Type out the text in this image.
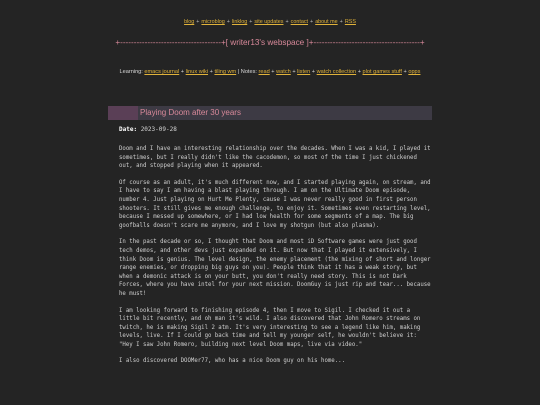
blog + microblog + linklog + site updates + contact + about me + RSS
+-------------------------------------+[ writer13's webspace ]+---------------------------------------+
Learning: emacs journal + linux wiki + tiling wm | Notes: read + watch + listen + watch collection + plot games stuff + opps
Playing Doom after 30 years
Date: 2023-09-28

Doom and I have an interesting relationship over the decades. When I was a kid, I played it sometimes, but I really didn't like the cacodemon, so most of the time I just chickened out, and stopped playing when it appeared.

Of course as an adult, it's much different now, and I started playing again, on stream, and I have to say I am having a blast playing through. I am on the Ultimate Doom episode, number 4. Just playing on Hurt Me Plenty, cause I was never really good in first person shooters. It still gives me enough challenge, to enjoy it. Sometimes even restarting level, because I messed up somewhere, or I had low health for some segments of a map. The big goofballs doesn't scare me anymore, and I love my shotgun (but also plasma).

In the past decade or so, I thought that Doom and most iD Software games were just good tech demos, and other devs just expanded on it. But now that I played it extensively, I think Doom is genius. The level design, the enemy placement (the mixing of short and longer range enemies, or dropping big guys on you). People think that it has a weak story, but when a demonic attack is on your butt, you don't really need story. This is not Dark Forces, where you have intel for your next mission. DoomGuy is just rip and tear... because he must!

I am looking forward to finishing episode 4, then I move to Sigil. I checked it out a little bit recently, and oh man it's wild. I also discovered that John Romero streams on twitch, he is making Sigil 2 atm. It's very interesting to see a legend like him, making levels, live. If I could go back time and tell my younger self, he wouldn't believe it: "Hey I saw John Romero, building next level Doom maps, live via video."

I also discovered DOOMer77, who has a nice Doom guy on his home...
